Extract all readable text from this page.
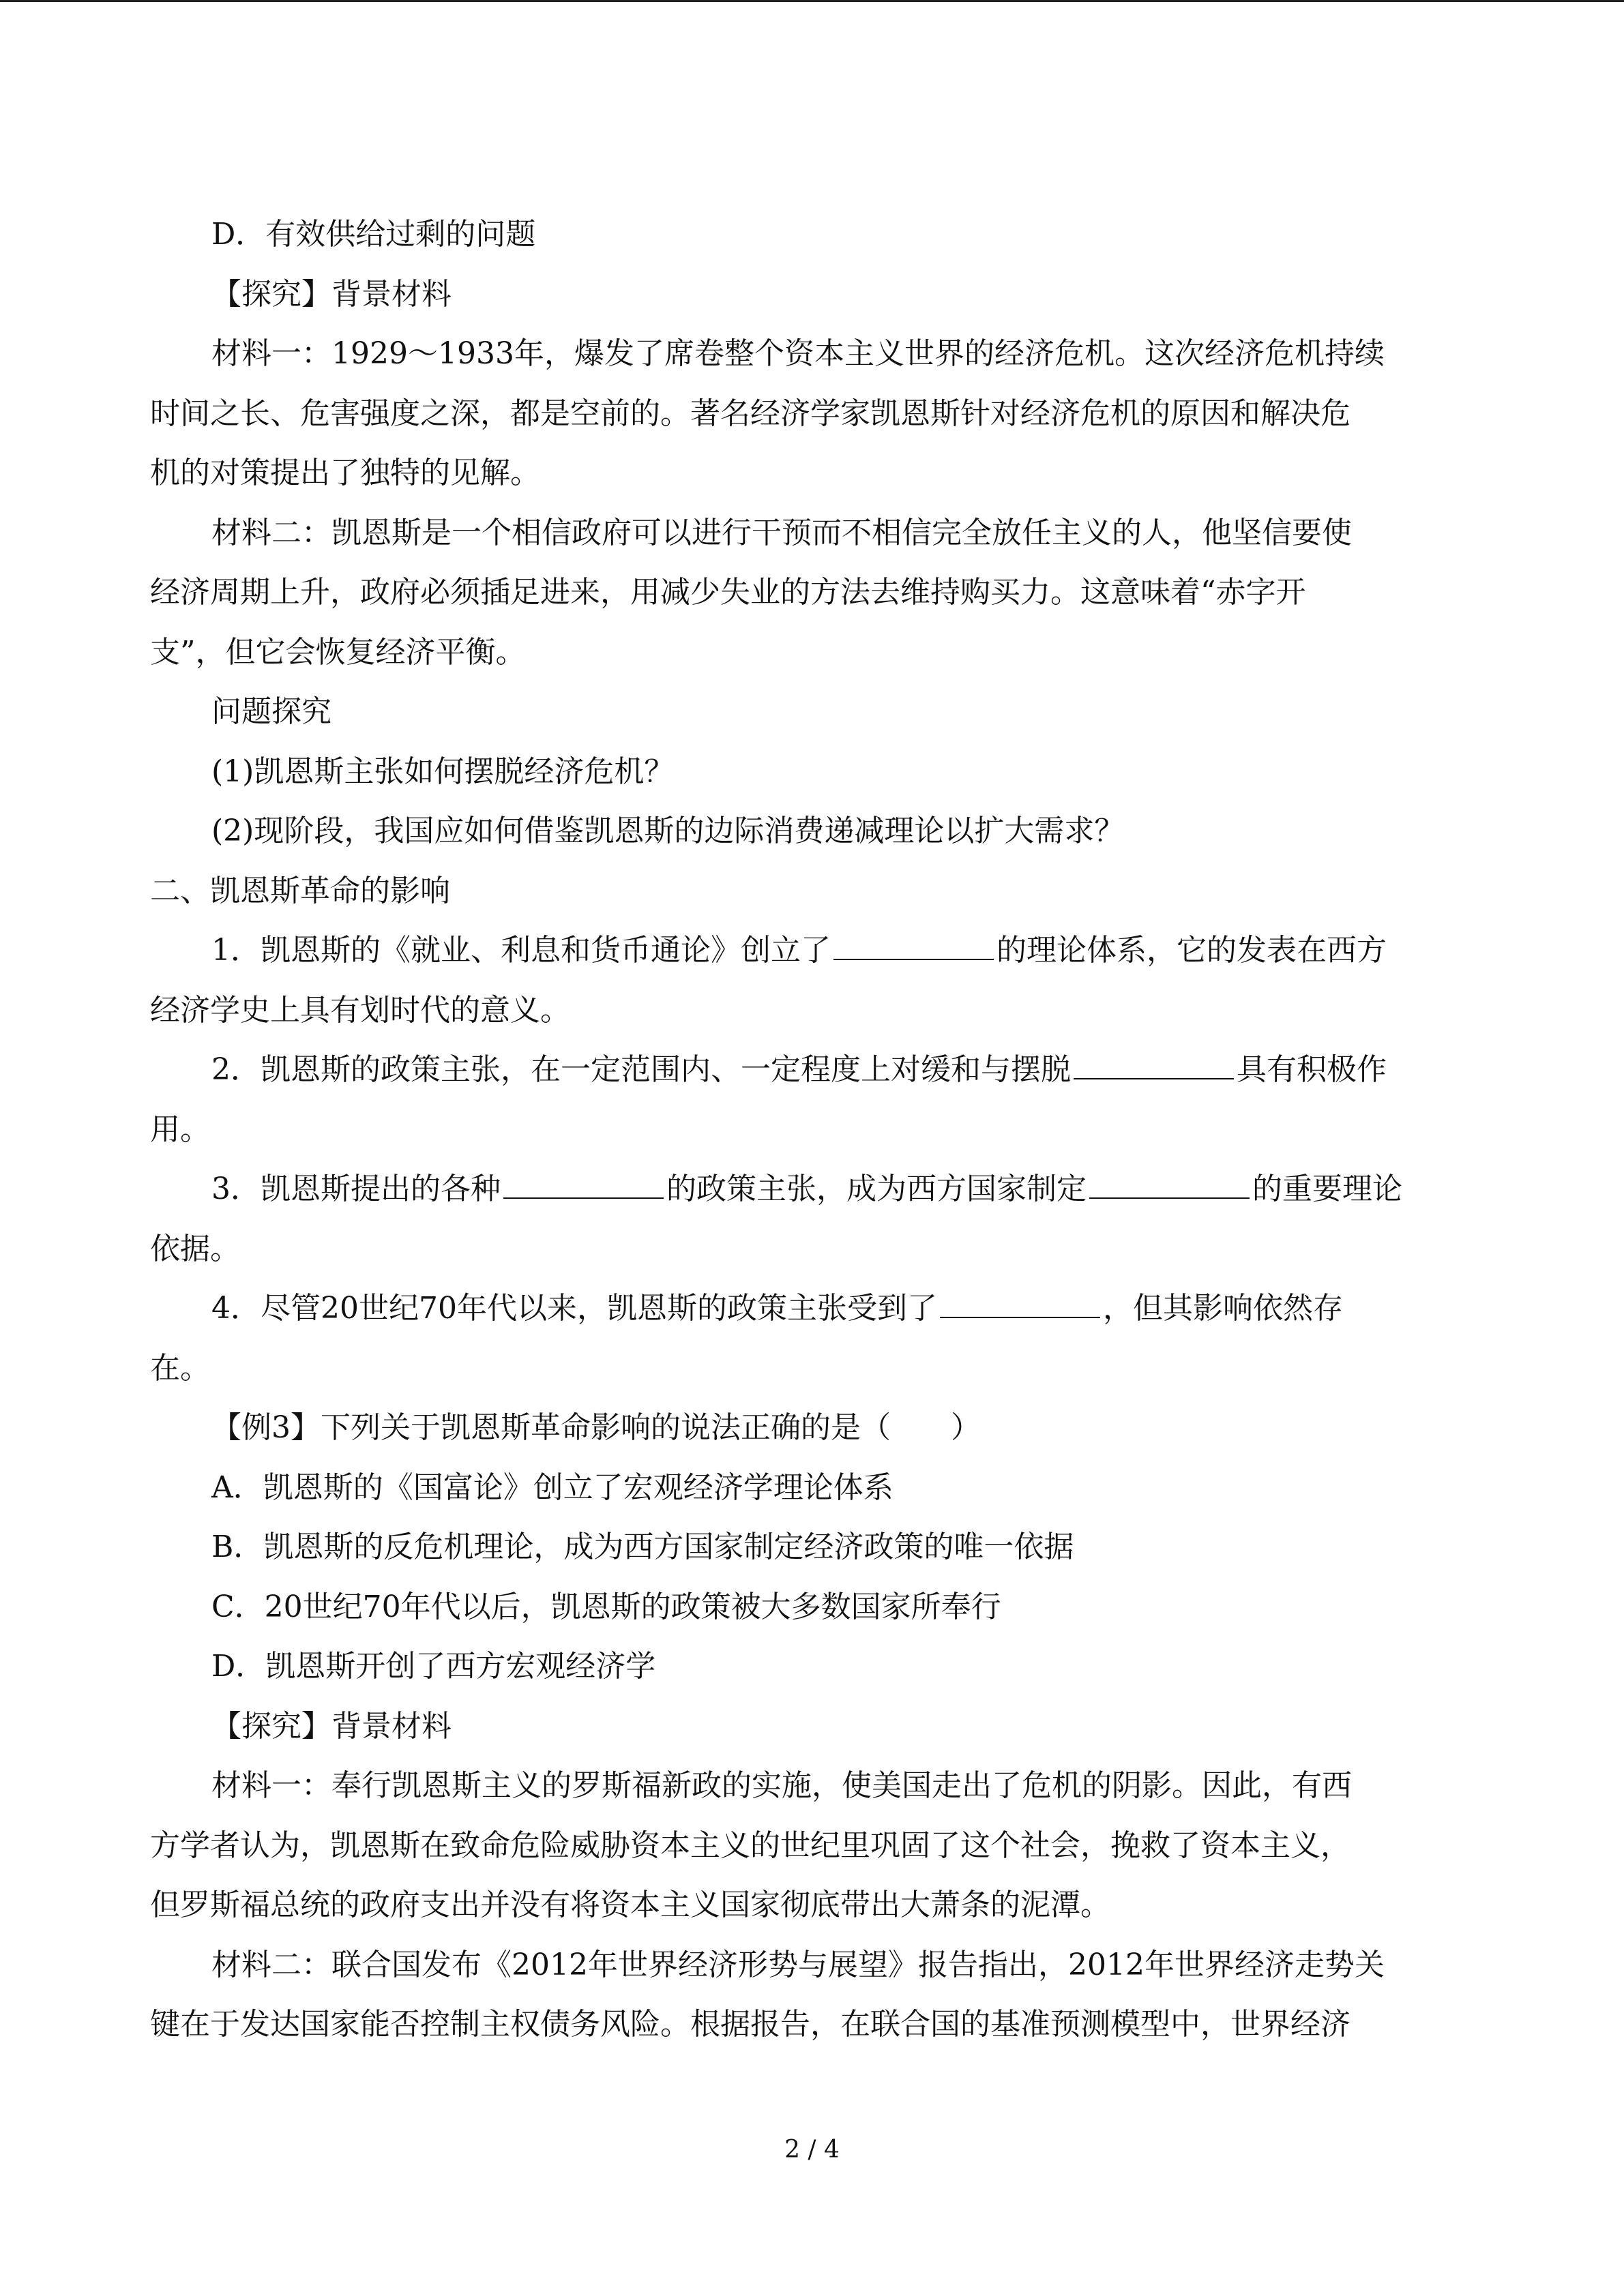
D．有效供给过剩的问题

【探究】背景材料

材料一：1929～1933年，爆发了席卷整个资本主义世界的经济危机。这次经济危机持续

时间之长、危害强度之深，都是空前的。著名经济学家凯恩斯针对经济危机的原因和解决危

机的对策提出了独特的见解。

材料二：凯恩斯是一个相信政府可以进行干预而不相信完全放任主义的人，他坚信要使

经济周期上升，政府必须插足进来，用减少失业的方法去维持购买力。这意味着“赤字开

支”，但它会恢复经济平衡。

问题探究

(1)凯恩斯主张如何摆脱经济危机？

(2)现阶段，我国应如何借鉴凯恩斯的边际消费递减理论以扩大需求？

二、凯恩斯革命的影响

1．凯恩斯的《就业、利息和货币通论》创立了	的理论体系，它的发表在西方

经济学史上具有划时代的意义。

2．凯恩斯的政策主张，在一定范围内、一定程度上对缓和与摆脱	具有积极作

用。

3．凯恩斯提出的各种	的政策主张，成为西方国家制定	的重要理论

依据。

4．尽管20世纪70年代以来，凯恩斯的政策主张受到了	，但其影响依然存

在。

【例3】下列关于凯恩斯革命影响的说法正确的是（　　）

A．凯恩斯的《国富论》创立了宏观经济学理论体系

B．凯恩斯的反危机理论，成为西方国家制定经济政策的唯一依据

C．20世纪70年代以后，凯恩斯的政策被大多数国家所奉行

D．凯恩斯开创了西方宏观经济学

【探究】背景材料

材料一：奉行凯恩斯主义的罗斯福新政的实施，使美国走出了危机的阴影。因此，有西

方学者认为，凯恩斯在致命危险威胁资本主义的世纪里巩固了这个社会，挽救了资本主义，

但罗斯福总统的政府支出并没有将资本主义国家彻底带出大萧条的泥潭。

材料二：联合国发布《2012年世界经济形势与展望》报告指出，2012年世界经济走势关

键在于发达国家能否控制主权债务风险。根据报告，在联合国的基准预测模型中，世界经济

2 / 4
